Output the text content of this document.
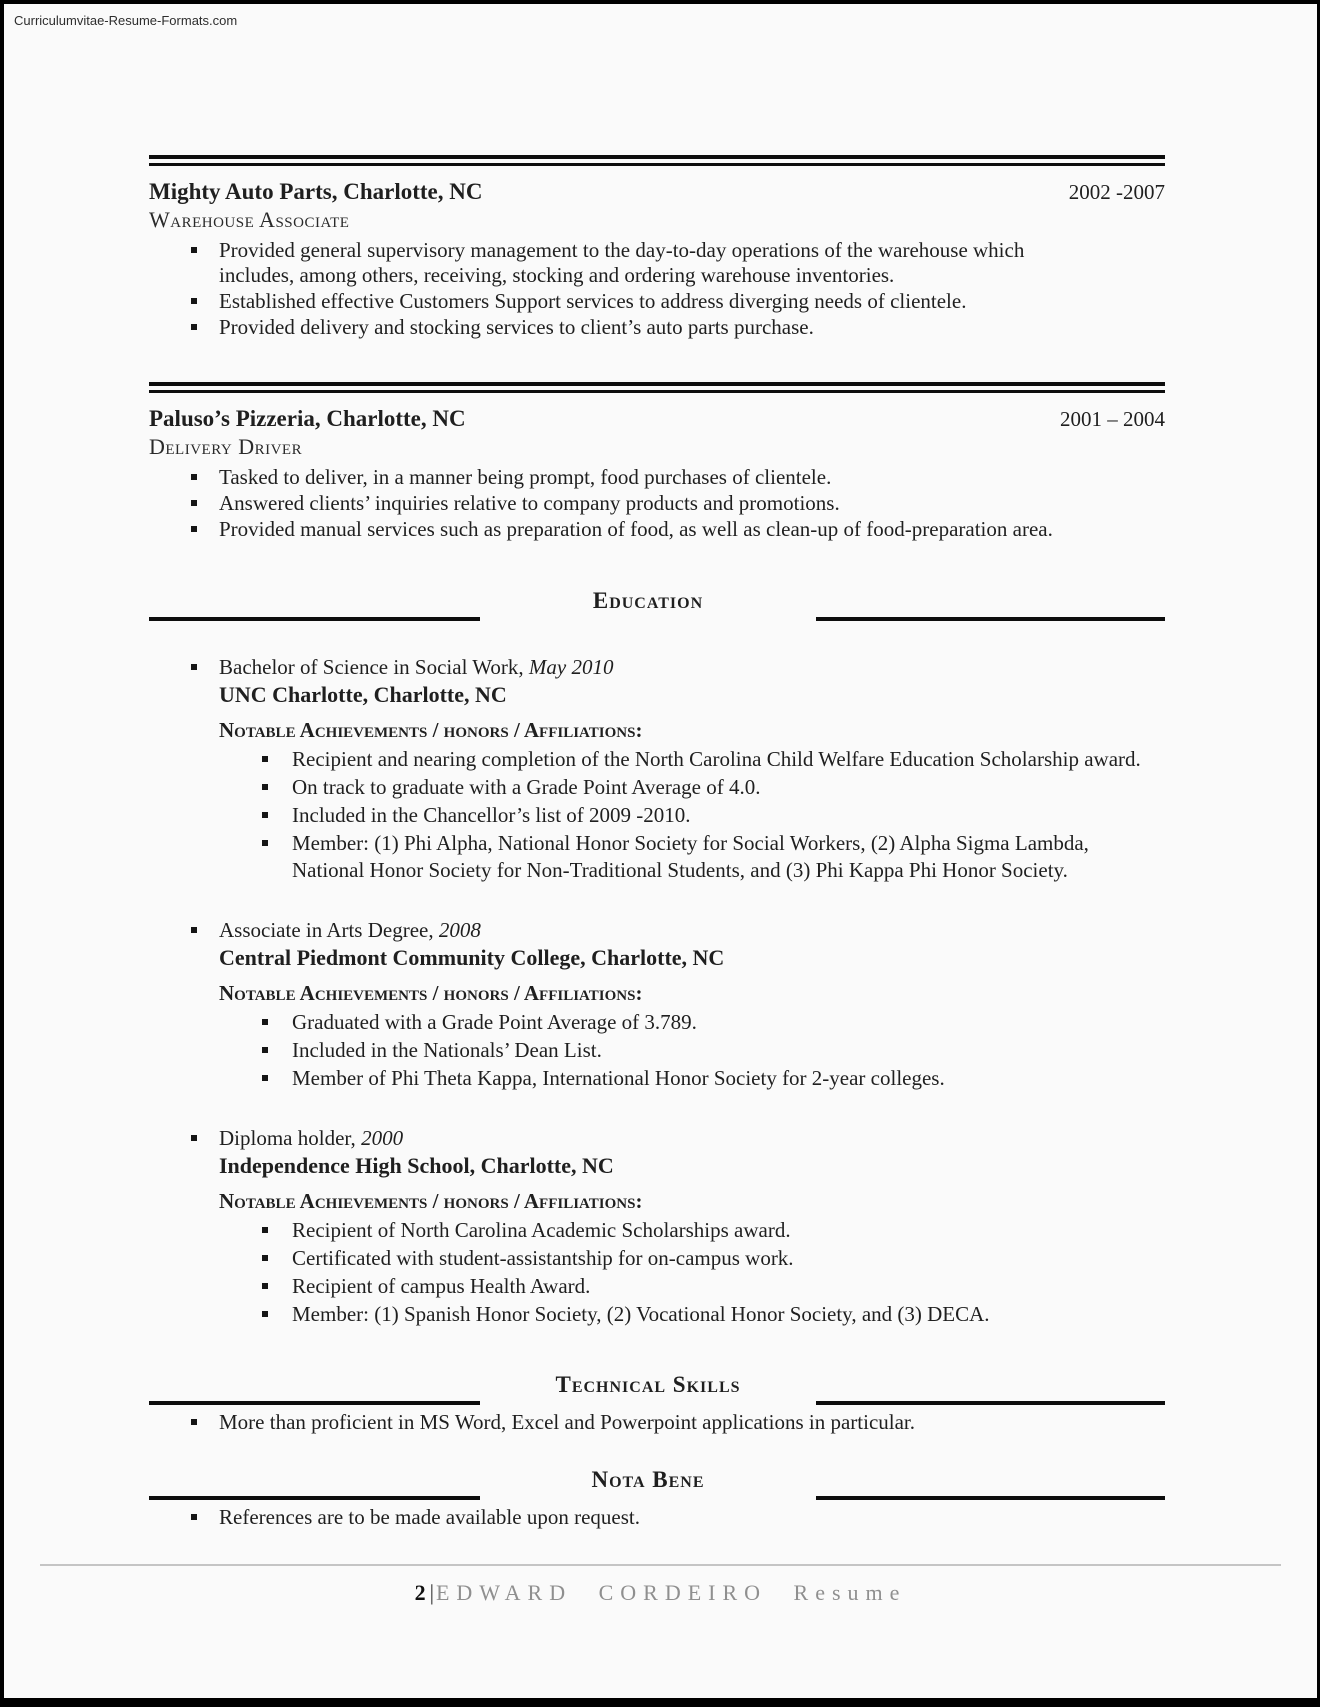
Curriculumvitae-Resume-Formats.com
Mighty Auto Parts, Charlotte, NC	2002 -2007
Warehouse Associate
Provided general supervisory management to the day-to-day operations of the warehouse which includes, among others, receiving, stocking and ordering warehouse inventories.
Established effective Customers Support services to address diverging needs of clientele.
Provided delivery and stocking services to client’s auto parts purchase.
Paluso’s Pizzeria, Charlotte, NC	2001 – 2004
Delivery Driver
Tasked to deliver, in a manner being prompt, food purchases of clientele.
Answered clients’ inquiries relative to company products and promotions.
Provided manual services such as preparation of food, as well as clean-up of food-preparation area.
Education
Bachelor of Science in Social Work, May 2010
UNC Charlotte, Charlotte, NC
Notable Achievements / honors / Affiliations:
Recipient and nearing completion of the North Carolina Child Welfare Education Scholarship award.
On track to graduate with a Grade Point Average of 4.0.
Included in the Chancellor’s list of 2009 -2010.
Member: (1) Phi Alpha, National Honor Society for Social Workers, (2) Alpha Sigma Lambda, National Honor Society for Non-Traditional Students, and (3) Phi Kappa Phi Honor Society.
Associate in Arts Degree, 2008
Central Piedmont Community College, Charlotte, NC
Notable Achievements / honors / Affiliations:
Graduated with a Grade Point Average of 3.789.
Included in the Nationals’ Dean List.
Member of Phi Theta Kappa, International Honor Society for 2-year colleges.
Diploma holder, 2000
Independence High School, Charlotte, NC
Notable Achievements / honors / Affiliations:
Recipient of North Carolina Academic Scholarships award.
Certificated with student-assistantship for on-campus work.
Recipient of campus Health Award.
Member: (1) Spanish Honor Society, (2) Vocational Honor Society, and (3) DECA.
Technical Skills
More than proficient in MS Word, Excel and Powerpoint applications in particular.
Nota Bene
References are to be made available upon request.
2 |EDWARD CORDEIRO Resume
